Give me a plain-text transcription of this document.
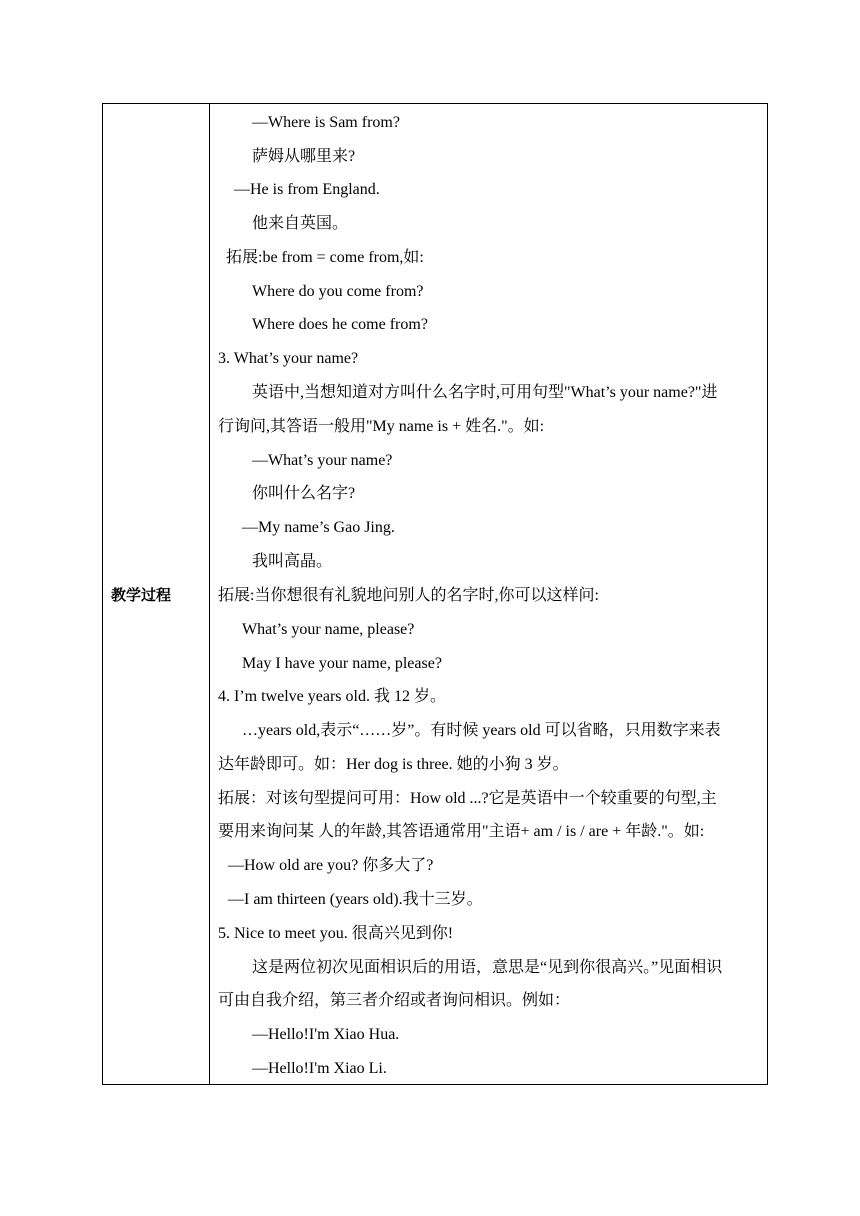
教学过程

—Where is Sam from?
萨姆从哪里来?
—He is from England.
他来自英国。
拓展:be from = come from,如:
Where do you come from?
Where does he come from?
3. What’s your name?
英语中,当想知道对方叫什么名字时,可用句型"What’s your name?"进
行询问,其答语一般用"My name is + 姓名."。如:
—What’s your name?
你叫什么名字?
—My name’s Gao Jing.
我叫高晶。
拓展:当你想很有礼貌地问别人的名字时,你可以这样问:
What’s your name, please?
May I have your name, please?
4. I’m twelve years old. 我 12 岁。
…years old,表示“……岁”。有时候 years old 可以省略，只用数字来表
达年龄即可。如：Her dog is three. 她的小狗 3 岁。
拓展：对该句型提问可用：How old ...?它是英语中一个较重要的句型,主
要用来询问某 人的年龄,其答语通常用"主语+ am / is / are + 年龄."。如:
—How old are you? 你多大了?
—I am thirteen (years old).我十三岁。
5. Nice to meet you. 很高兴见到你!
这是两位初次见面相识后的用语，意思是“见到你很高兴。”见面相识
可由自我介绍，第三者介绍或者询问相识。例如：
—Hello!I'm Xiao Hua.
—Hello!I'm Xiao Li.
